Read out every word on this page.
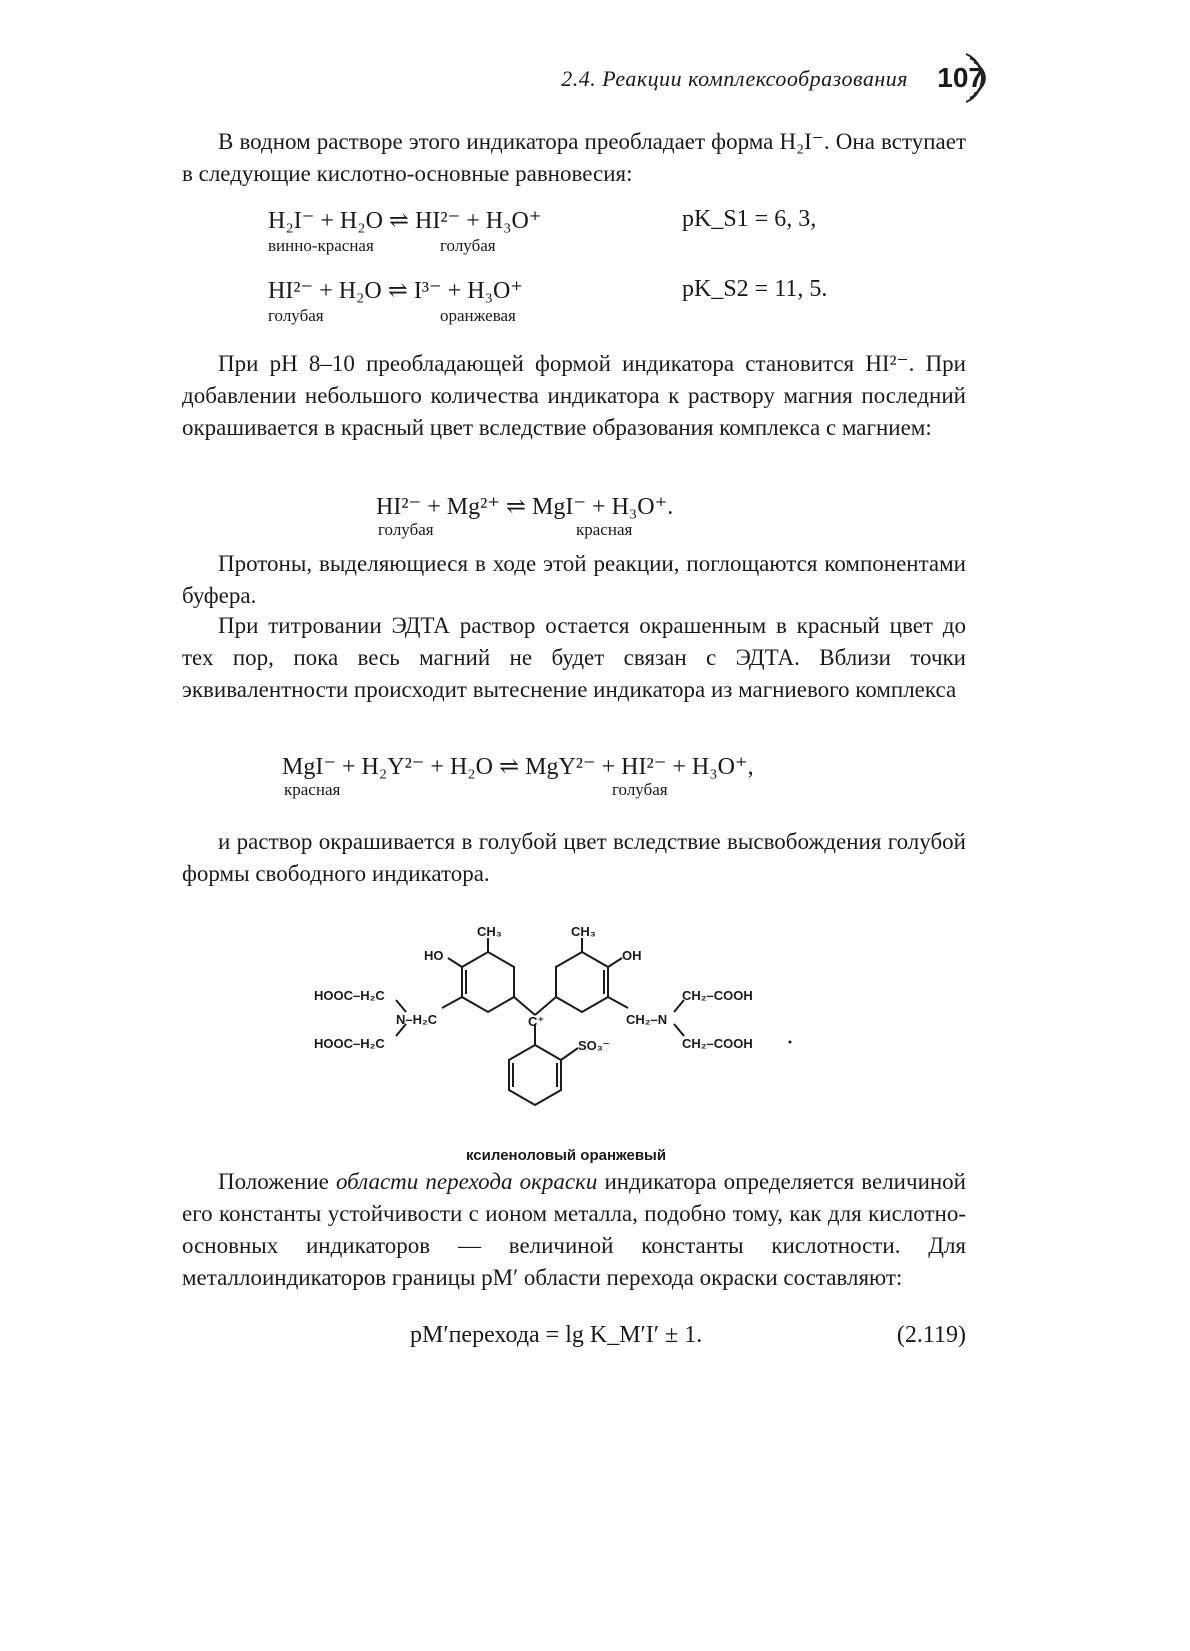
2.4. Реакции комплексообразования 107

В водном растворе этого индикатора преобладает форма H₂I⁻. Она вступает в следующие кислотно-основные равновесия:

H₂I⁻ + H₂O ⇌ HI²⁻ + H₃O⁺
винно-красная	голубая
pK_S1 = 6, 3,
HI²⁻ + H₂O ⇌ I³⁻ + H₃O⁺
голубая	оранжевая
pK_S2 = 11, 5.

При pH 8–10 преобладающей формой индикатора становится HI²⁻. При добавлении небольшого количества индикатора к раствору магния последний окрашивается в красный цвет вследствие образования комплекса с магнием:

HI²⁻ + Mg²⁺ ⇌ MgI⁻ + H₃O⁺.
голубая	красная

Протоны, выделяющиеся в ходе этой реакции, поглощаются компонентами буфера.

При титровании ЭДТА раствор остается окрашенным в красный цвет до тех пор, пока весь магний не будет связан с ЭДТА. Вблизи точки эквивалентности происходит вытеснение индикатора из магниевого комплекса

MgI⁻ + H₂Y²⁻ + H₂O ⇌ MgY²⁻ + HI²⁻ + H₃O⁺,
красная	голубая

и раствор окрашивается в голубой цвет вследствие высвобождения голубой формы свободного индикатора.

CH₃	CH₃
HO	OH
HOOC–H₂C
N–H₂C
HOOC–H₂C
CH₂–N
CH₂–COOH
CH₂–COOH
C⁺
SO₃⁻
ксиленоловый оранжевый

Положение области перехода окраски индикатора определяется величиной его константы устойчивости с ионом металла, подобно тому, как для кислотно-основных индикаторов — величиной константы кислотности. Для металлоиндикаторов границы pM′ области перехода окраски составляют:

pM′перехода = lg K_M′I′ ± 1.	(2.119)
